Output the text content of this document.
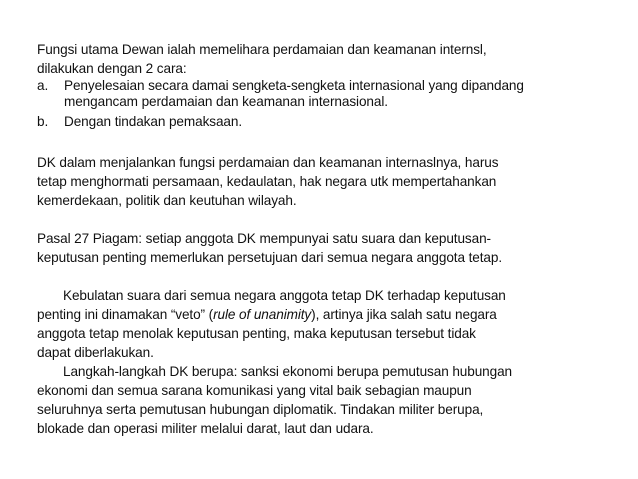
Fungsi utama Dewan ialah memelihara perdamaian dan keamanan internsl,
dilakukan dengan 2 cara:
a. Penyelesaian secara damai sengketa-sengketa internasional yang dipandang
mengancam perdamaian dan keamanan internasional.
b. Dengan tindakan pemaksaan.
DK dalam menjalankan fungsi perdamaian dan keamanan internaslnya, harus
tetap menghormati persamaan, kedaulatan, hak negara utk mempertahankan
kemerdekaan, politik dan keutuhan wilayah.
Pasal 27 Piagam: setiap anggota DK mempunyai satu suara dan keputusan-
keputusan penting memerlukan persetujuan dari semua negara anggota tetap.
Kebulatan suara dari semua negara anggota tetap DK terhadap keputusan
penting ini dinamakan “veto” (rule of unanimity), artinya jika salah satu negara
anggota tetap menolak keputusan penting, maka keputusan tersebut tidak
dapat diberlakukan.
Langkah-langkah DK berupa: sanksi ekonomi berupa pemutusan hubungan
ekonomi dan semua sarana komunikasi yang vital baik sebagian maupun
seluruhnya serta pemutusan hubungan diplomatik. Tindakan militer berupa,
blokade dan operasi militer melalui darat, laut dan udara.
